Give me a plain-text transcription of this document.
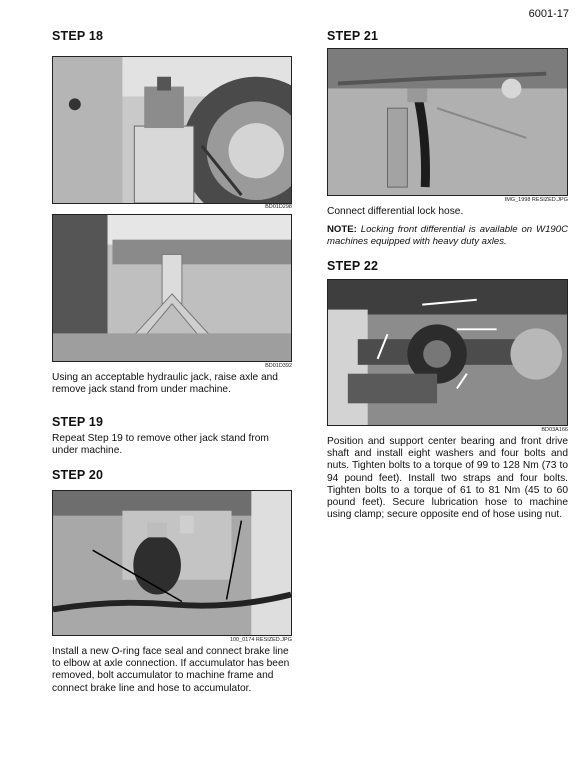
6001-17
STEP 18
BD01D298
BD01D392

Using an acceptable hydraulic jack, raise axle and remove jack stand from under machine.

STEP 19

Repeat Step 19 to remove other jack stand from under machine.

STEP 20
100_0174 RESIZED.JPG

Install a new O-ring face seal and connect brake line to elbow at axle connection. If accumulator has been removed, bolt accumulator to machine frame and connect brake line and hose to accumulator.

STEP 21
IMG_1998 RESIZED.JPG

Connect differential lock hose.

NOTE: Locking front differential is available on W190C machines equipped with heavy duty axles.

STEP 22
BD03A166

Position and support center bearing and front drive shaft and install eight washers and four bolts and nuts. Tighten bolts to a torque of 99 to 128 Nm (73 to 94 pound feet). Install two straps and four bolts. Tighten bolts to a torque of 61 to 81 Nm (45 to 60 pound feet). Secure lubrication hose to machine using clamp; secure opposite end of hose using nut.
